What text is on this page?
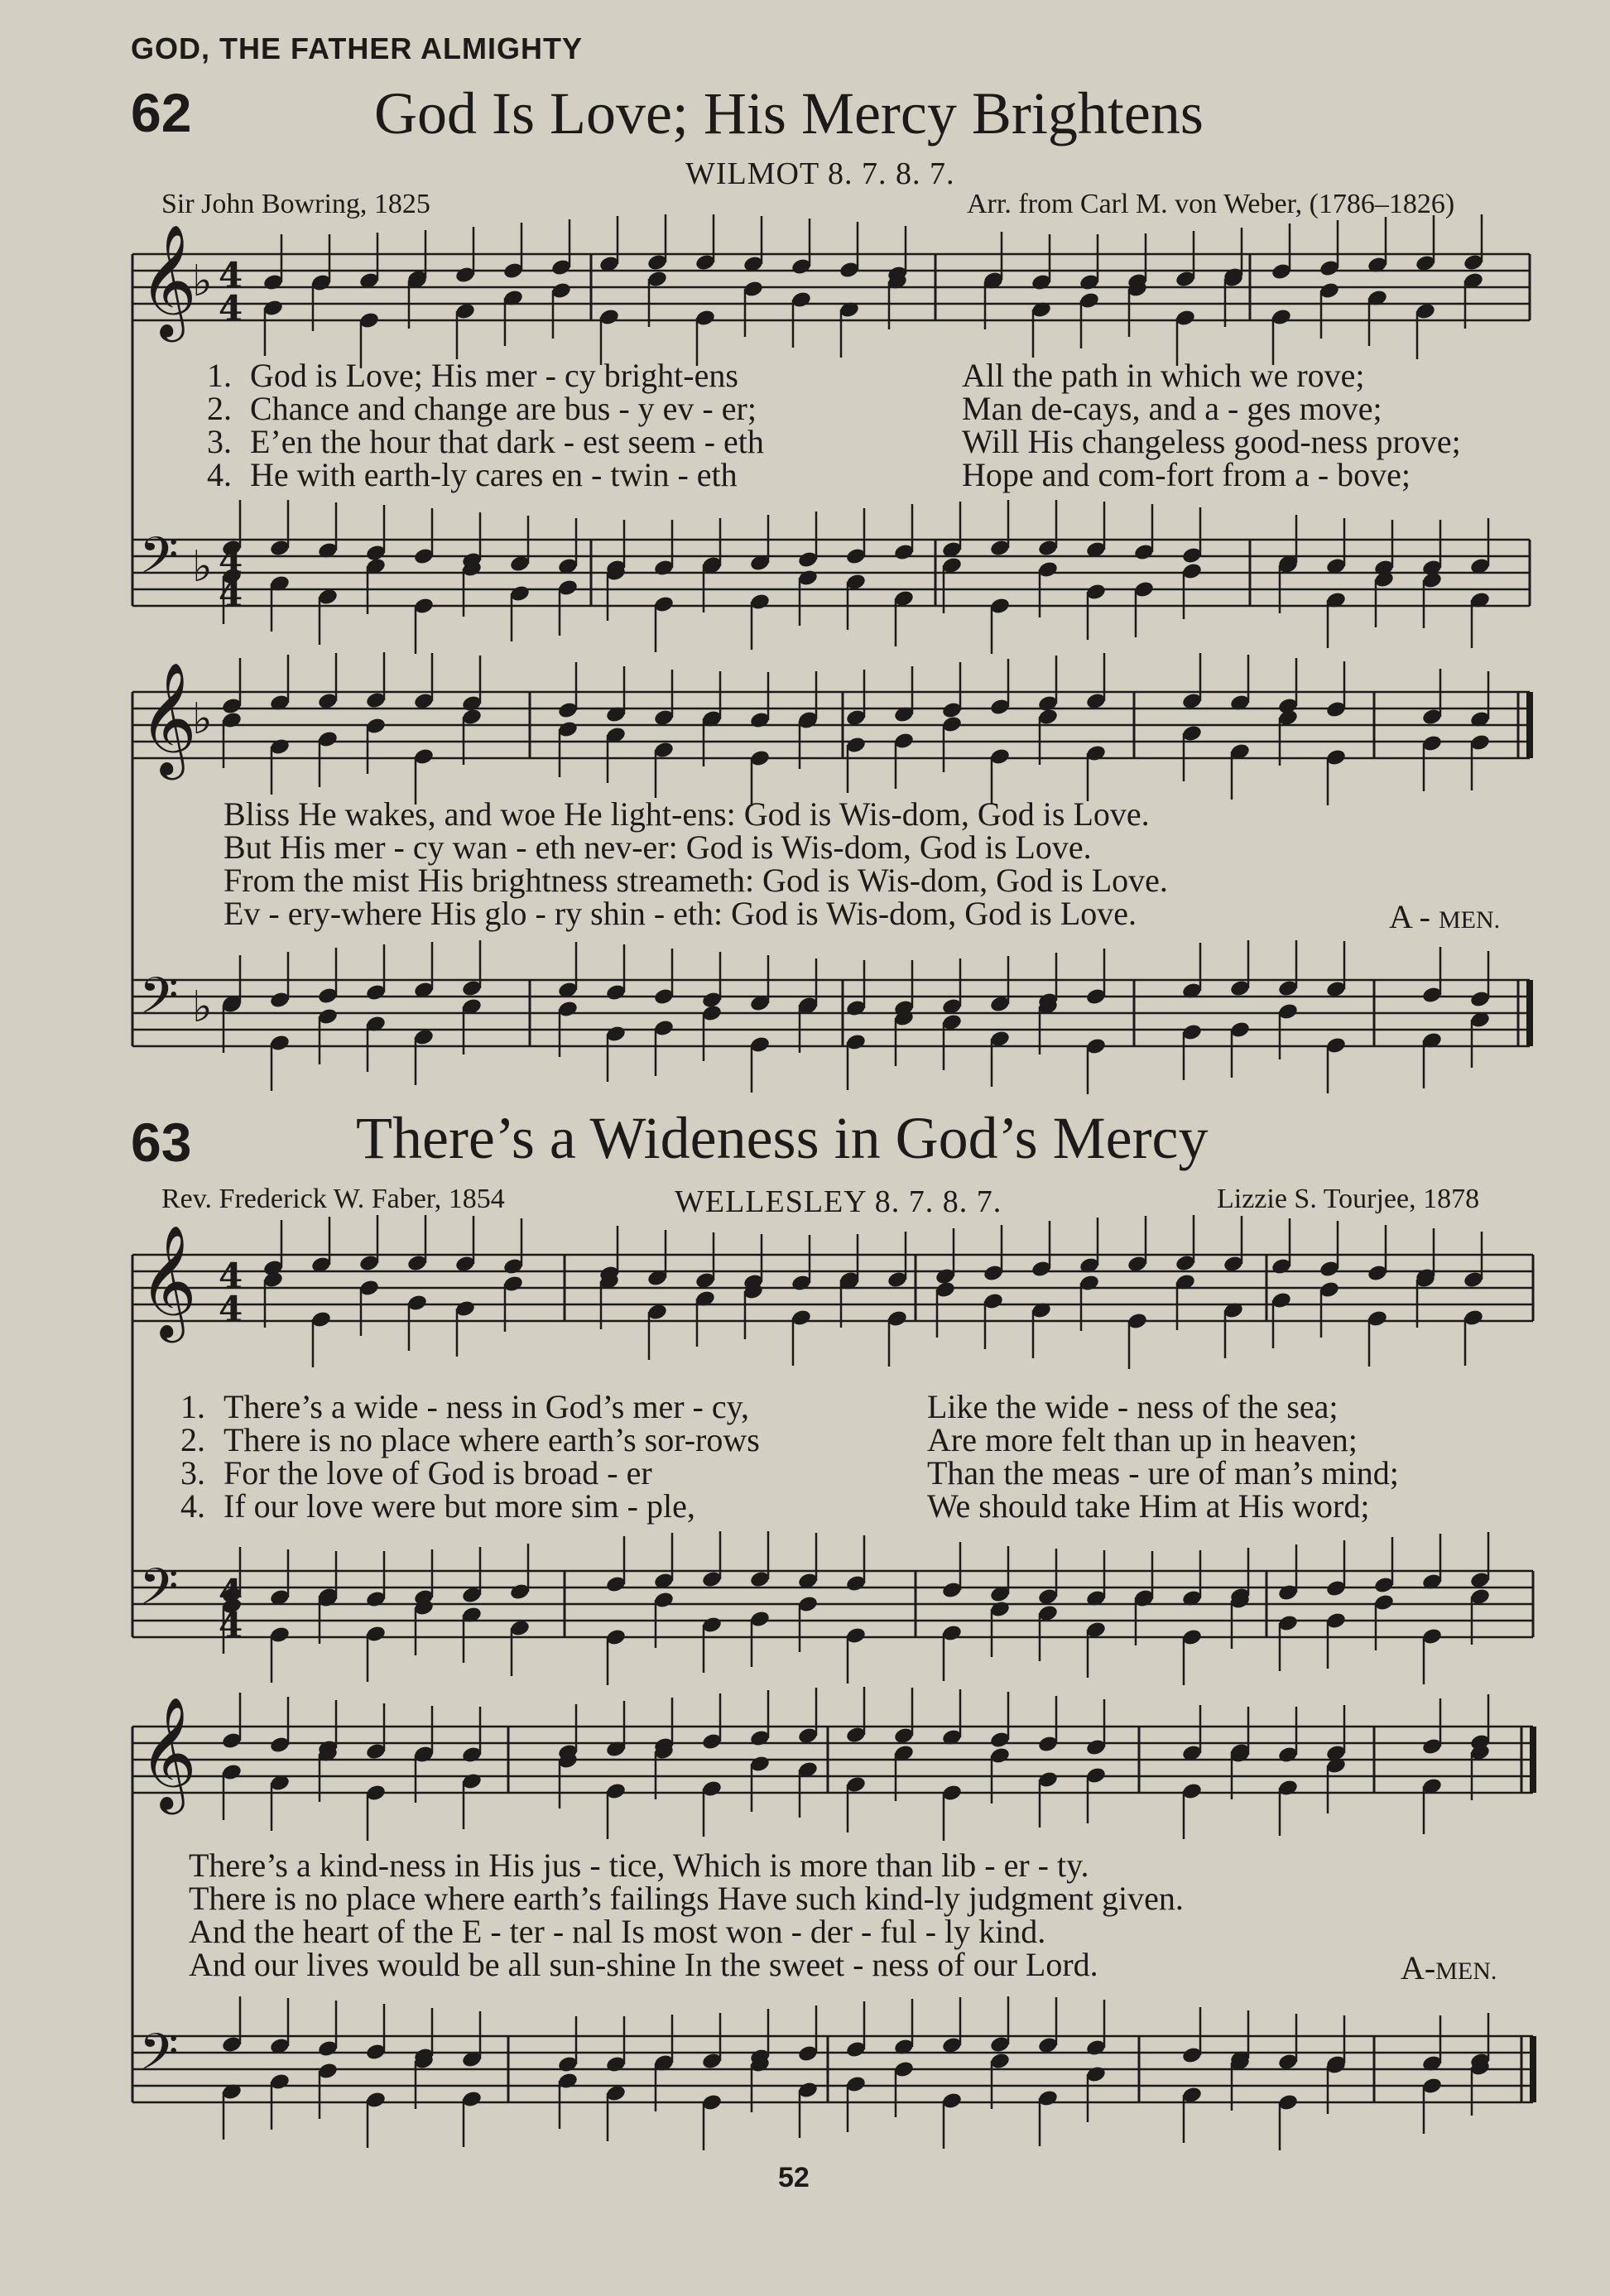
𝄞
𝄢
𝄞
𝄢
𝄞
𝄢
𝄞
𝄢
♭ 4
4
♭ 4
4
4
4
4
4
♭
♭
GOD, THE FATHER ALMIGHTY
62	God Is Love; His Mercy Brightens
WILMOT 8. 7. 8. 7.
Sir John Bowring, 1825	Arr. from Carl M. von Weber, (1786–1826)
1. God is Love; His mer - cy bright-ens	All the path in which we rove;
2. Chance and change are bus - y ev - er;	Man de-cays, and a - ges move;
3. E’en the hour that dark - est seem - eth	Will His changeless good-ness prove;
4. He with earth-ly cares en - twin - eth	Hope and com-fort from a - bove;
Bliss He wakes, and woe He light-ens: God is Wis-dom, God is Love.
But His mer - cy wan - eth nev-er: God is Wis-dom, God is Love.
From the mist His brightness streameth: God is Wis-dom, God is Love.
Ev - ery-where His glo - ry shin - eth: God is Wis-dom, God is Love.	A - MEN.
63	There’s a Wideness in God’s Mercy
Rev. Frederick W. Faber, 1854	WELLESLEY 8. 7. 8. 7.	Lizzie S. Tourjee, 1878
1. There’s a wide - ness in God’s mer - cy,	Like the wide - ness of the sea;
2. There is no place where earth’s sor-rows	Are more felt than up in heaven;
3. For the love of God is broad - er	Than the meas - ure of man’s mind;
4. If our love were but more sim - ple,	We should take Him at His word;
There’s a kind-ness in His jus - tice, Which is more than lib - er - ty.
There is no place where earth’s failings Have such kind-ly judgment given.
And the heart of the E - ter - nal Is most won - der - ful - ly kind.
And our lives would be all sun-shine In the sweet - ness of our Lord.	A-MEN.
52
